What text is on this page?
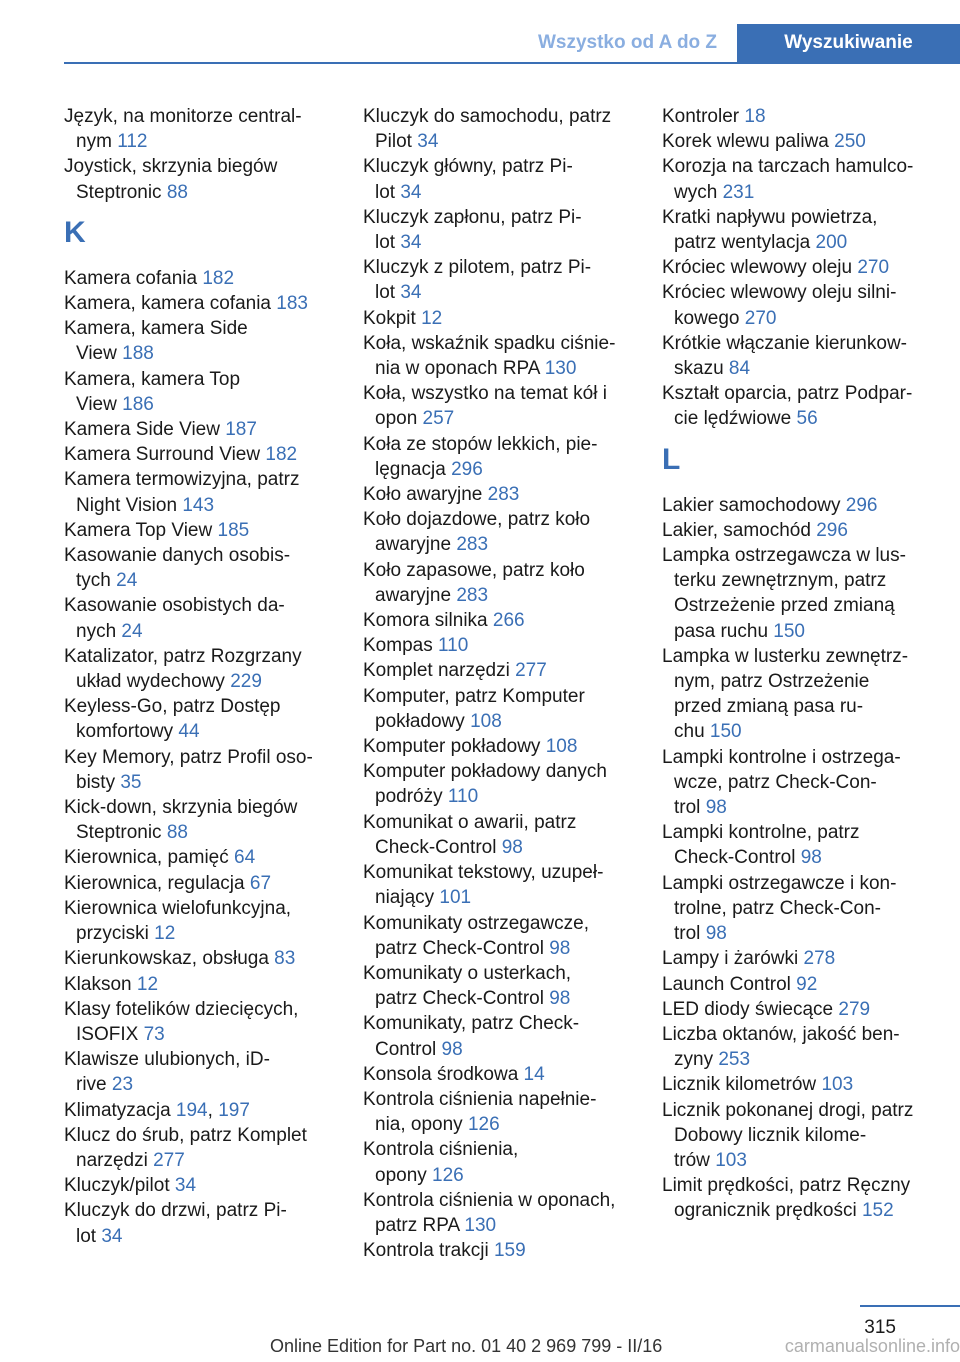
Wszystko od A do Z	Wyszukiwanie
Język, na monitorze central-
nym 112
Joystick, skrzynia biegów
Steptronic 88
K
Kamera cofania 182
Kamera, kamera cofania 183
Kamera, kamera Side
View 188
Kamera, kamera Top
View 186
Kamera Side View 187
Kamera Surround View 182
Kamera termowizyjna, patrz
Night Vision 143
Kamera Top View 185
Kasowanie danych osobis-
tych 24
Kasowanie osobistych da-
nych 24
Katalizator, patrz Rozgrzany
układ wydechowy 229
Keyless-Go, patrz Dostęp
komfortowy 44
Key Memory, patrz Profil oso-
bisty 35
Kick-down, skrzynia biegów
Steptronic 88
Kierownica, pamięć 64
Kierownica, regulacja 67
Kierownica wielofunkcyjna,
przyciski 12
Kierunkowskaz, obsługa 83
Klakson 12
Klasy fotelików dziecięcych,
ISOFIX 73
Klawisze ulubionych, iD-
rive 23
Klimatyzacja 194, 197
Klucz do śrub, patrz Komplet
narzędzi 277
Kluczyk/pilot 34
Kluczyk do drzwi, patrz Pi-
lot 34
Kluczyk do samochodu, patrz
Pilot 34
Kluczyk główny, patrz Pi-
lot 34
Kluczyk zapłonu, patrz Pi-
lot 34
Kluczyk z pilotem, patrz Pi-
lot 34
Kokpit 12
Koła, wskaźnik spadku ciśnie-
nia w oponach RPA 130
Koła, wszystko na temat kół i
opon 257
Koła ze stopów lekkich, pie-
lęgnacja 296
Koło awaryjne 283
Koło dojazdowe, patrz koło
awaryjne 283
Koło zapasowe, patrz koło
awaryjne 283
Komora silnika 266
Kompas 110
Komplet narzędzi 277
Komputer, patrz Komputer
pokładowy 108
Komputer pokładowy 108
Komputer pokładowy danych
podróży 110
Komunikat o awarii, patrz
Check-Control 98
Komunikat tekstowy, uzupeł-
niający 101
Komunikaty ostrzegawcze,
patrz Check-Control 98
Komunikaty o usterkach,
patrz Check-Control 98
Komunikaty, patrz Check-
Control 98
Konsola środkowa 14
Kontrola ciśnienia napełnie-
nia, opony 126
Kontrola ciśnienia,
opony 126
Kontrola ciśnienia w oponach,
patrz RPA 130
Kontrola trakcji 159
Kontroler 18
Korek wlewu paliwa 250
Korozja na tarczach hamulco-
wych 231
Kratki napływu powietrza,
patrz wentylacja 200
Króciec wlewowy oleju 270
Króciec wlewowy oleju silni-
kowego 270
Krótkie włączanie kierunkow-
skazu 84
Kształt oparcia, patrz Podpar-
cie lędźwiowe 56
L
Lakier samochodowy 296
Lakier, samochód 296
Lampka ostrzegawcza w lus-
terku zewnętrznym, patrz
Ostrzeżenie przed zmianą
pasa ruchu 150
Lampka w lusterku zewnętrz-
nym, patrz Ostrzeżenie
przed zmianą pasa ru-
chu 150
Lampki kontrolne i ostrzega-
wcze, patrz Check-Con-
trol 98
Lampki kontrolne, patrz
Check-Control 98
Lampki ostrzegawcze i kon-
trolne, patrz Check-Con-
trol 98
Lampy i żarówki 278
Launch Control 92
LED diody świecące 279
Liczba oktanów, jakość ben-
zyny 253
Licznik kilometrów 103
Licznik pokonanej drogi, patrz
Dobowy licznik kilome-
trów 103
Limit prędkości, patrz Ręczny
ogranicznik prędkości 152
315
Online Edition for Part no. 01 40 2 969 799 - II/16	carmanualsonline.info
